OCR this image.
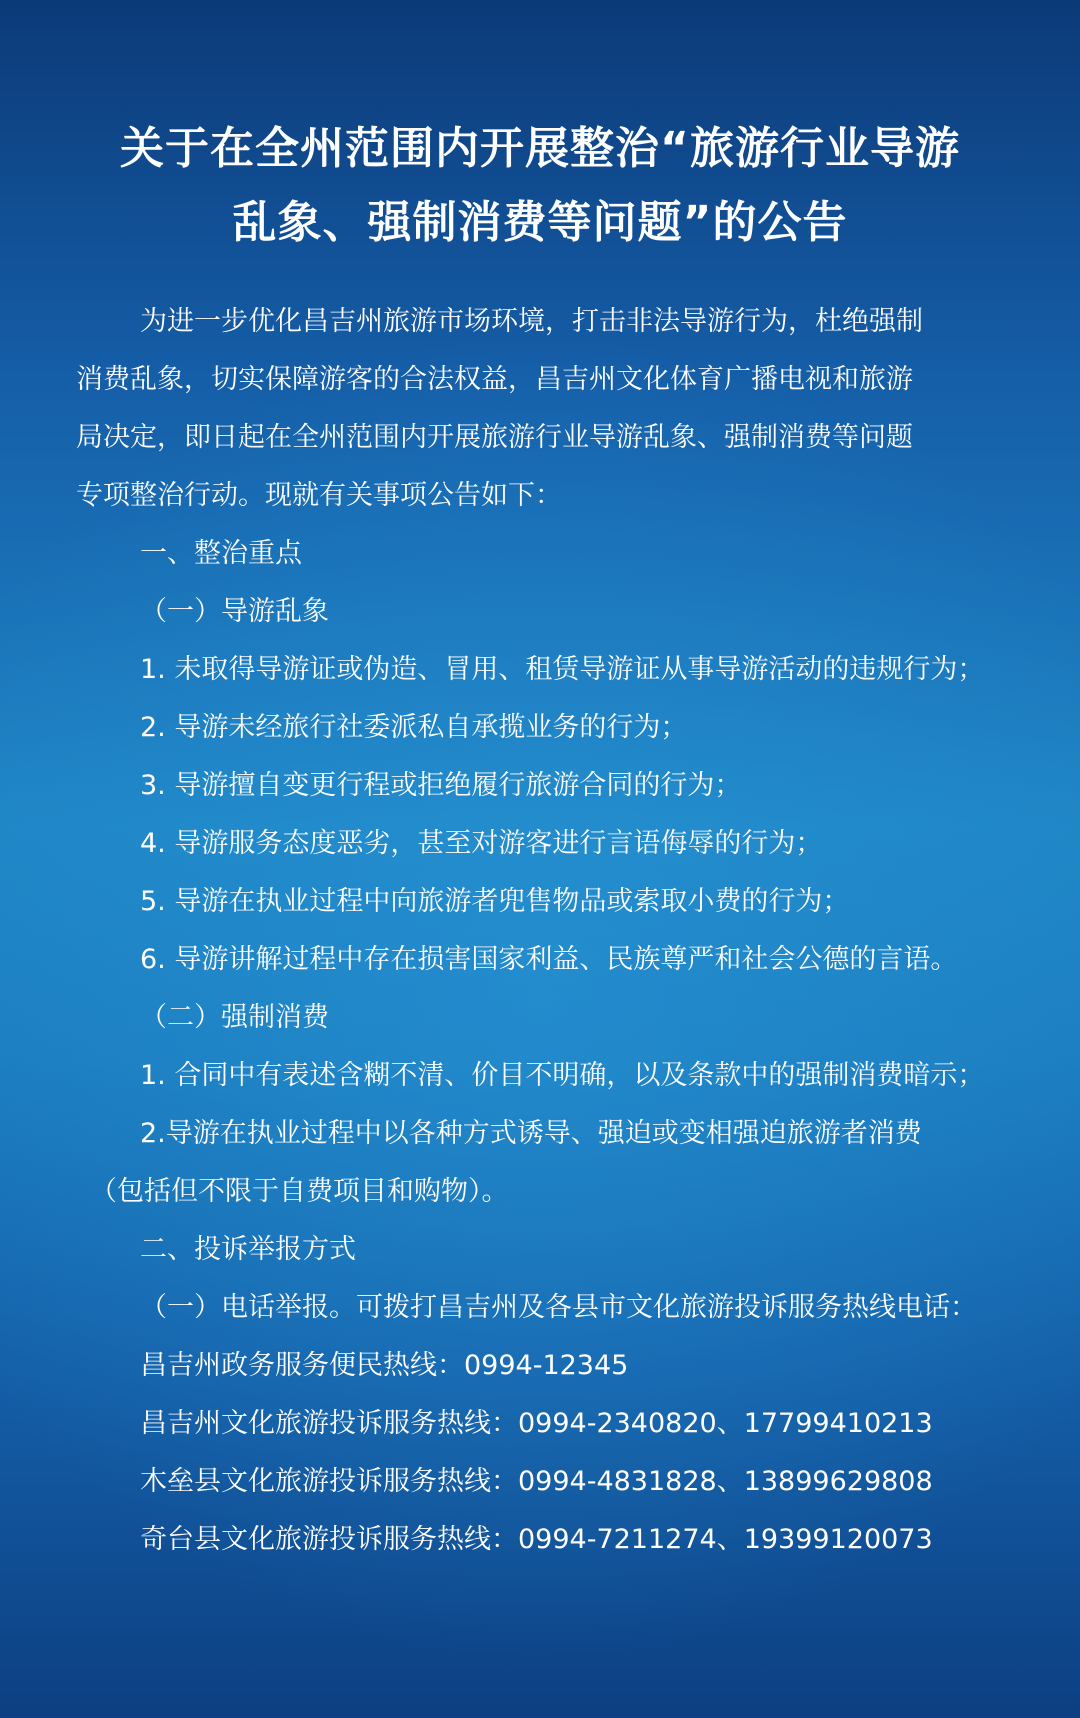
关于在全州范围内开展整治“旅游行业导游
乱象、强制消费等问题”的公告
为进一步优化昌吉州旅游市场环境，打击非法导游行为，杜绝强制
消费乱象，切实保障游客的合法权益，昌吉州文化体育广播电视和旅游
局决定，即日起在全州范围内开展旅游行业导游乱象、强制消费等问题
专项整治行动。现就有关事项公告如下：
一、整治重点
（一）导游乱象
1. 未取得导游证或伪造、冒用、租赁导游证从事导游活动的违规行为；
2. 导游未经旅行社委派私自承揽业务的行为；
3. 导游擅自变更行程或拒绝履行旅游合同的行为；
4. 导游服务态度恶劣，甚至对游客进行言语侮辱的行为；
5. 导游在执业过程中向旅游者兜售物品或索取小费的行为；
6. 导游讲解过程中存在损害国家利益、民族尊严和社会公德的言语。
（二）强制消费
1. 合同中有表述含糊不清、价目不明确，以及条款中的强制消费暗示；
2.导游在执业过程中以各种方式诱导、强迫或变相强迫旅游者消费
（包括但不限于自费项目和购物）。
二、投诉举报方式
（一）电话举报。可拨打昌吉州及各县市文化旅游投诉服务热线电话：
昌吉州政务服务便民热线：0994-12345
昌吉州文化旅游投诉服务热线：0994-2340820、17799410213
木垒县文化旅游投诉服务热线：0994-4831828、13899629808
奇台县文化旅游投诉服务热线：0994-7211274、19399120073
